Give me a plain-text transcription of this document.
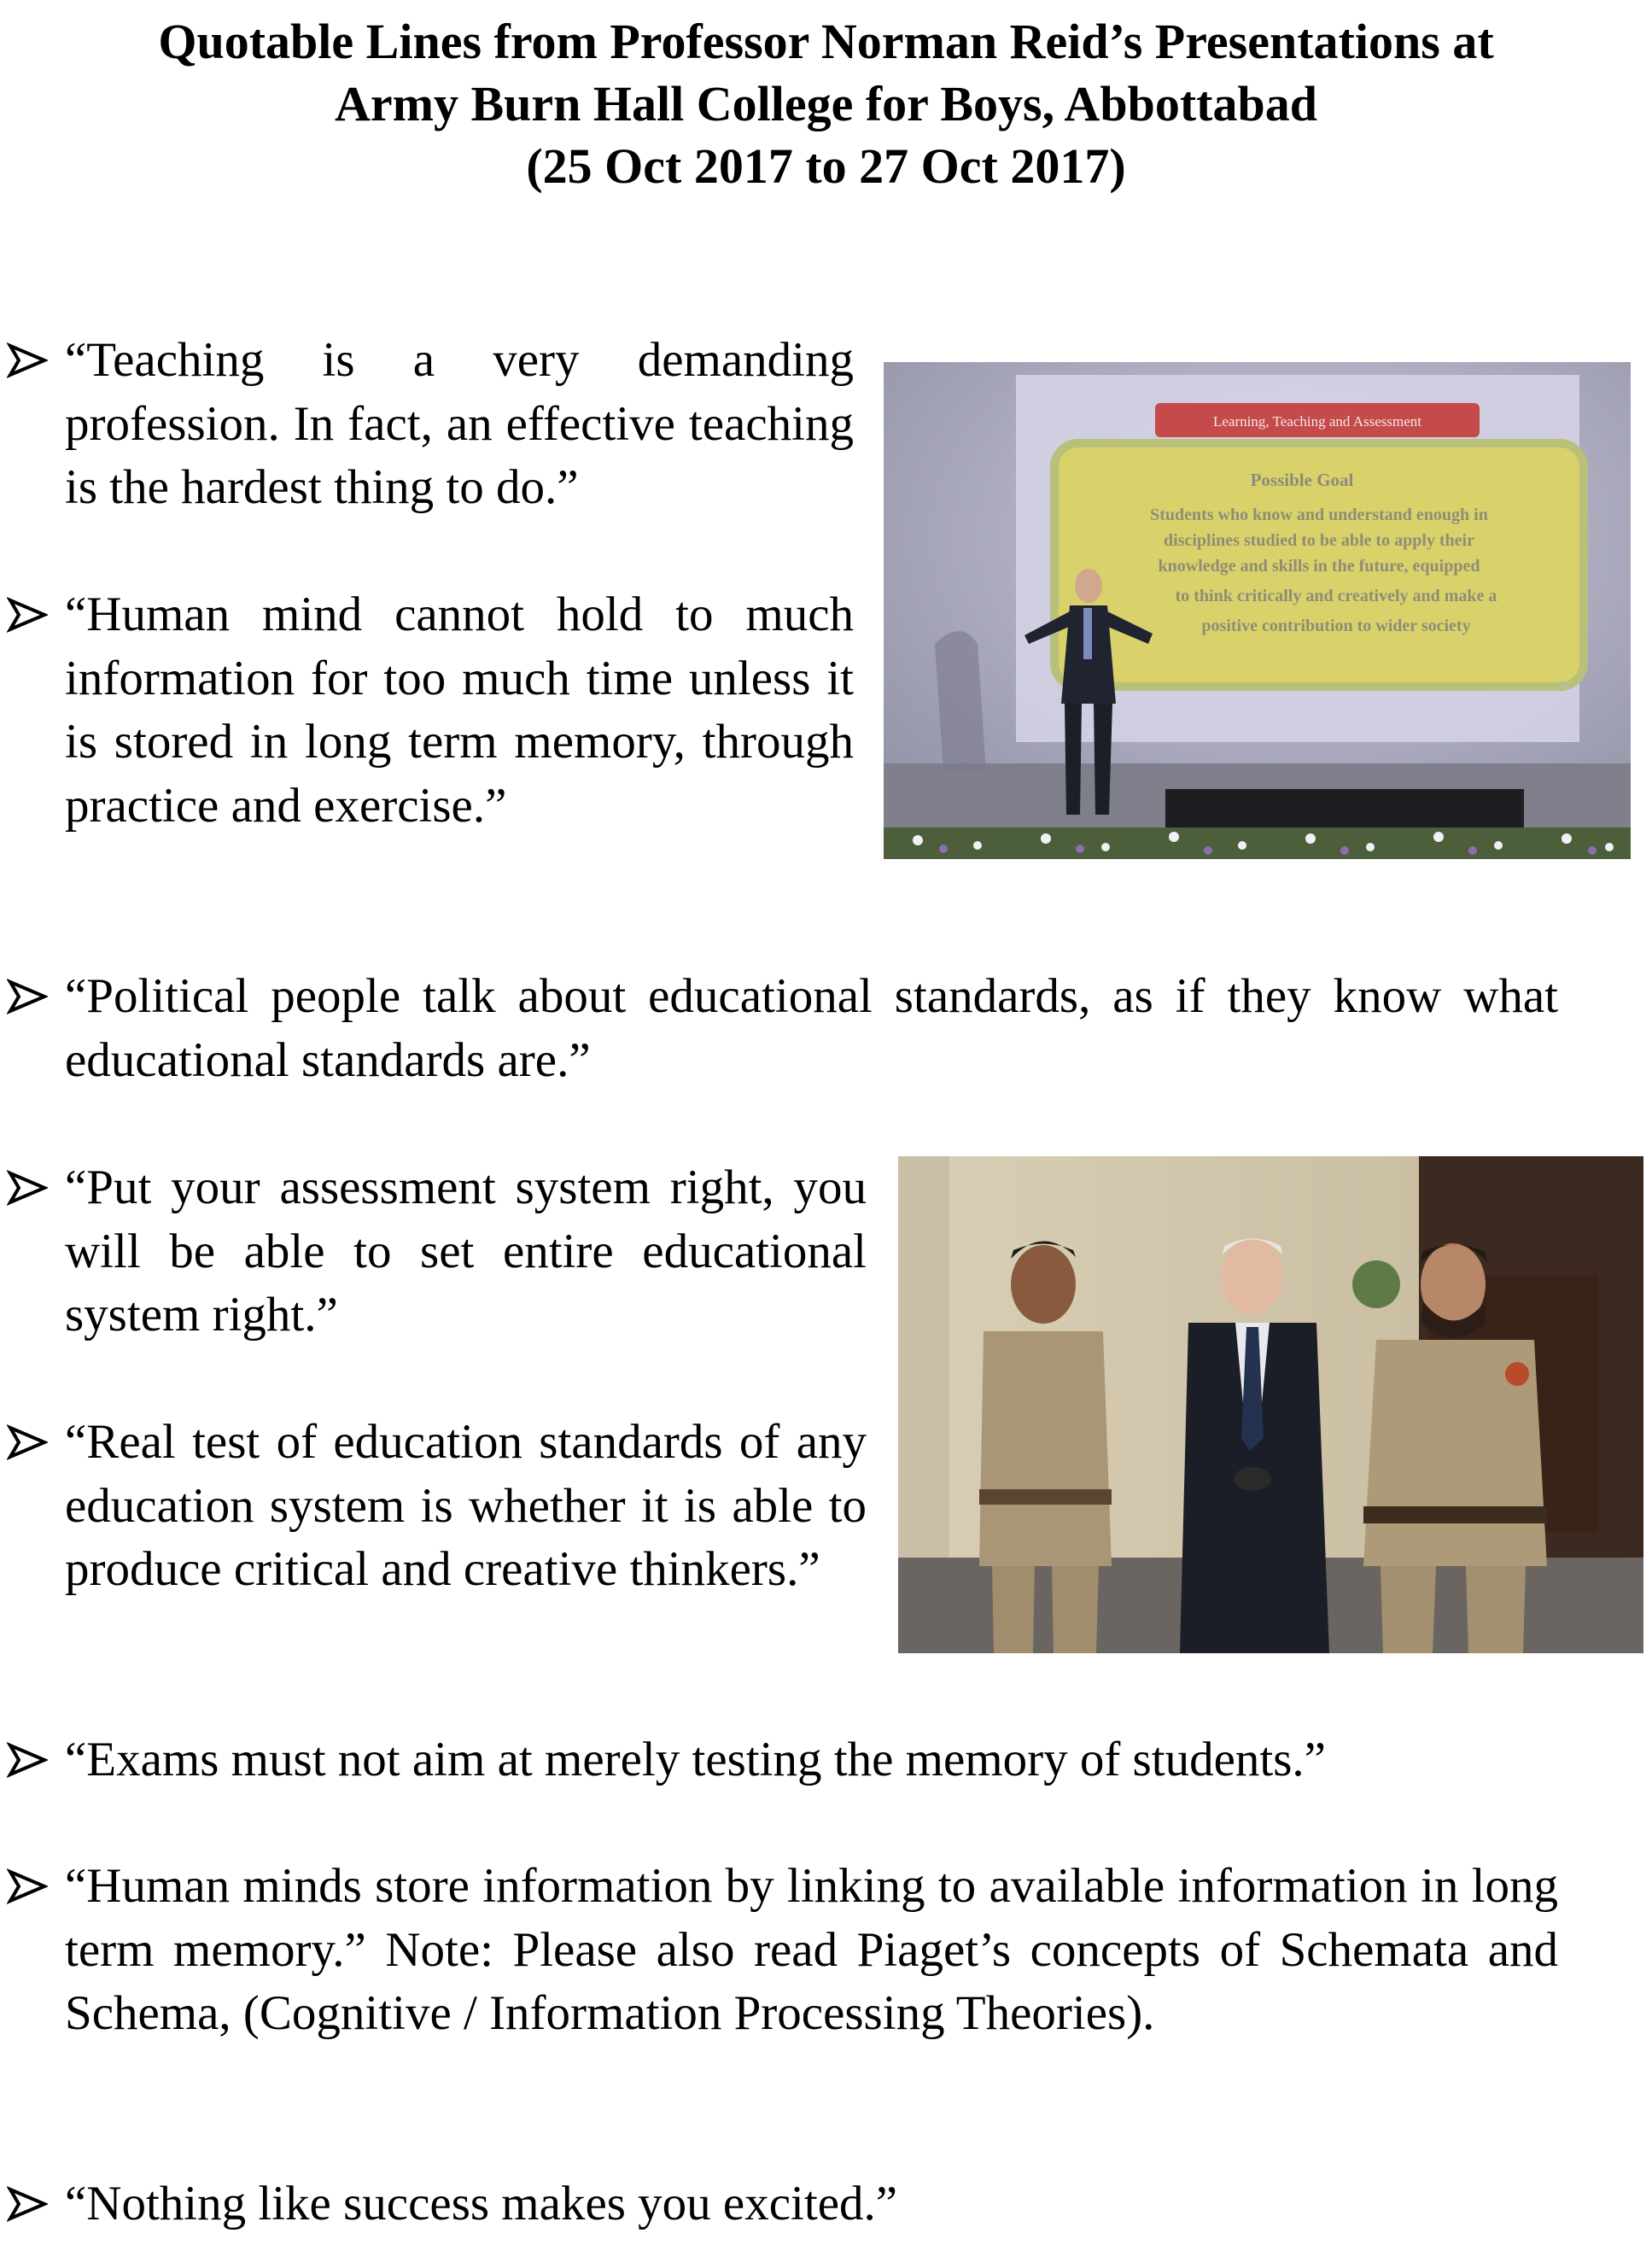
Quotable Lines from Professor Norman Reid’s Presentations at
Army Burn Hall College for Boys, Abbottabad
(25 Oct 2017 to 27 Oct 2017)
“Teaching is a very demanding profession. In fact, an effective teaching is the hardest thing to do.”
“Human mind cannot hold to much information for too much time unless it is stored in long term memory, through practice and exercise.”
“Political people talk about educational standards, as if they know what educational standards are.”
“Put your assessment system right, you will be able to set entire educational system right.”
“Real test of education standards of any education system is whether it is able to produce critical and creative thinkers.”
“Exams must not aim at merely testing the memory of students.”
“Human minds store information by linking to available information in long term memory.” Note: Please also read Piaget’s concepts of Schemata and Schema, (Cognitive / Information Processing Theories).
“Nothing like success makes you excited.”
Learning, Teaching and Assessment
Possible Goal
Students who know and understand enough in
disciplines studied to be able to apply their
knowledge and skills in the future, equipped
to think critically and creatively and make a
positive contribution to wider society
12
